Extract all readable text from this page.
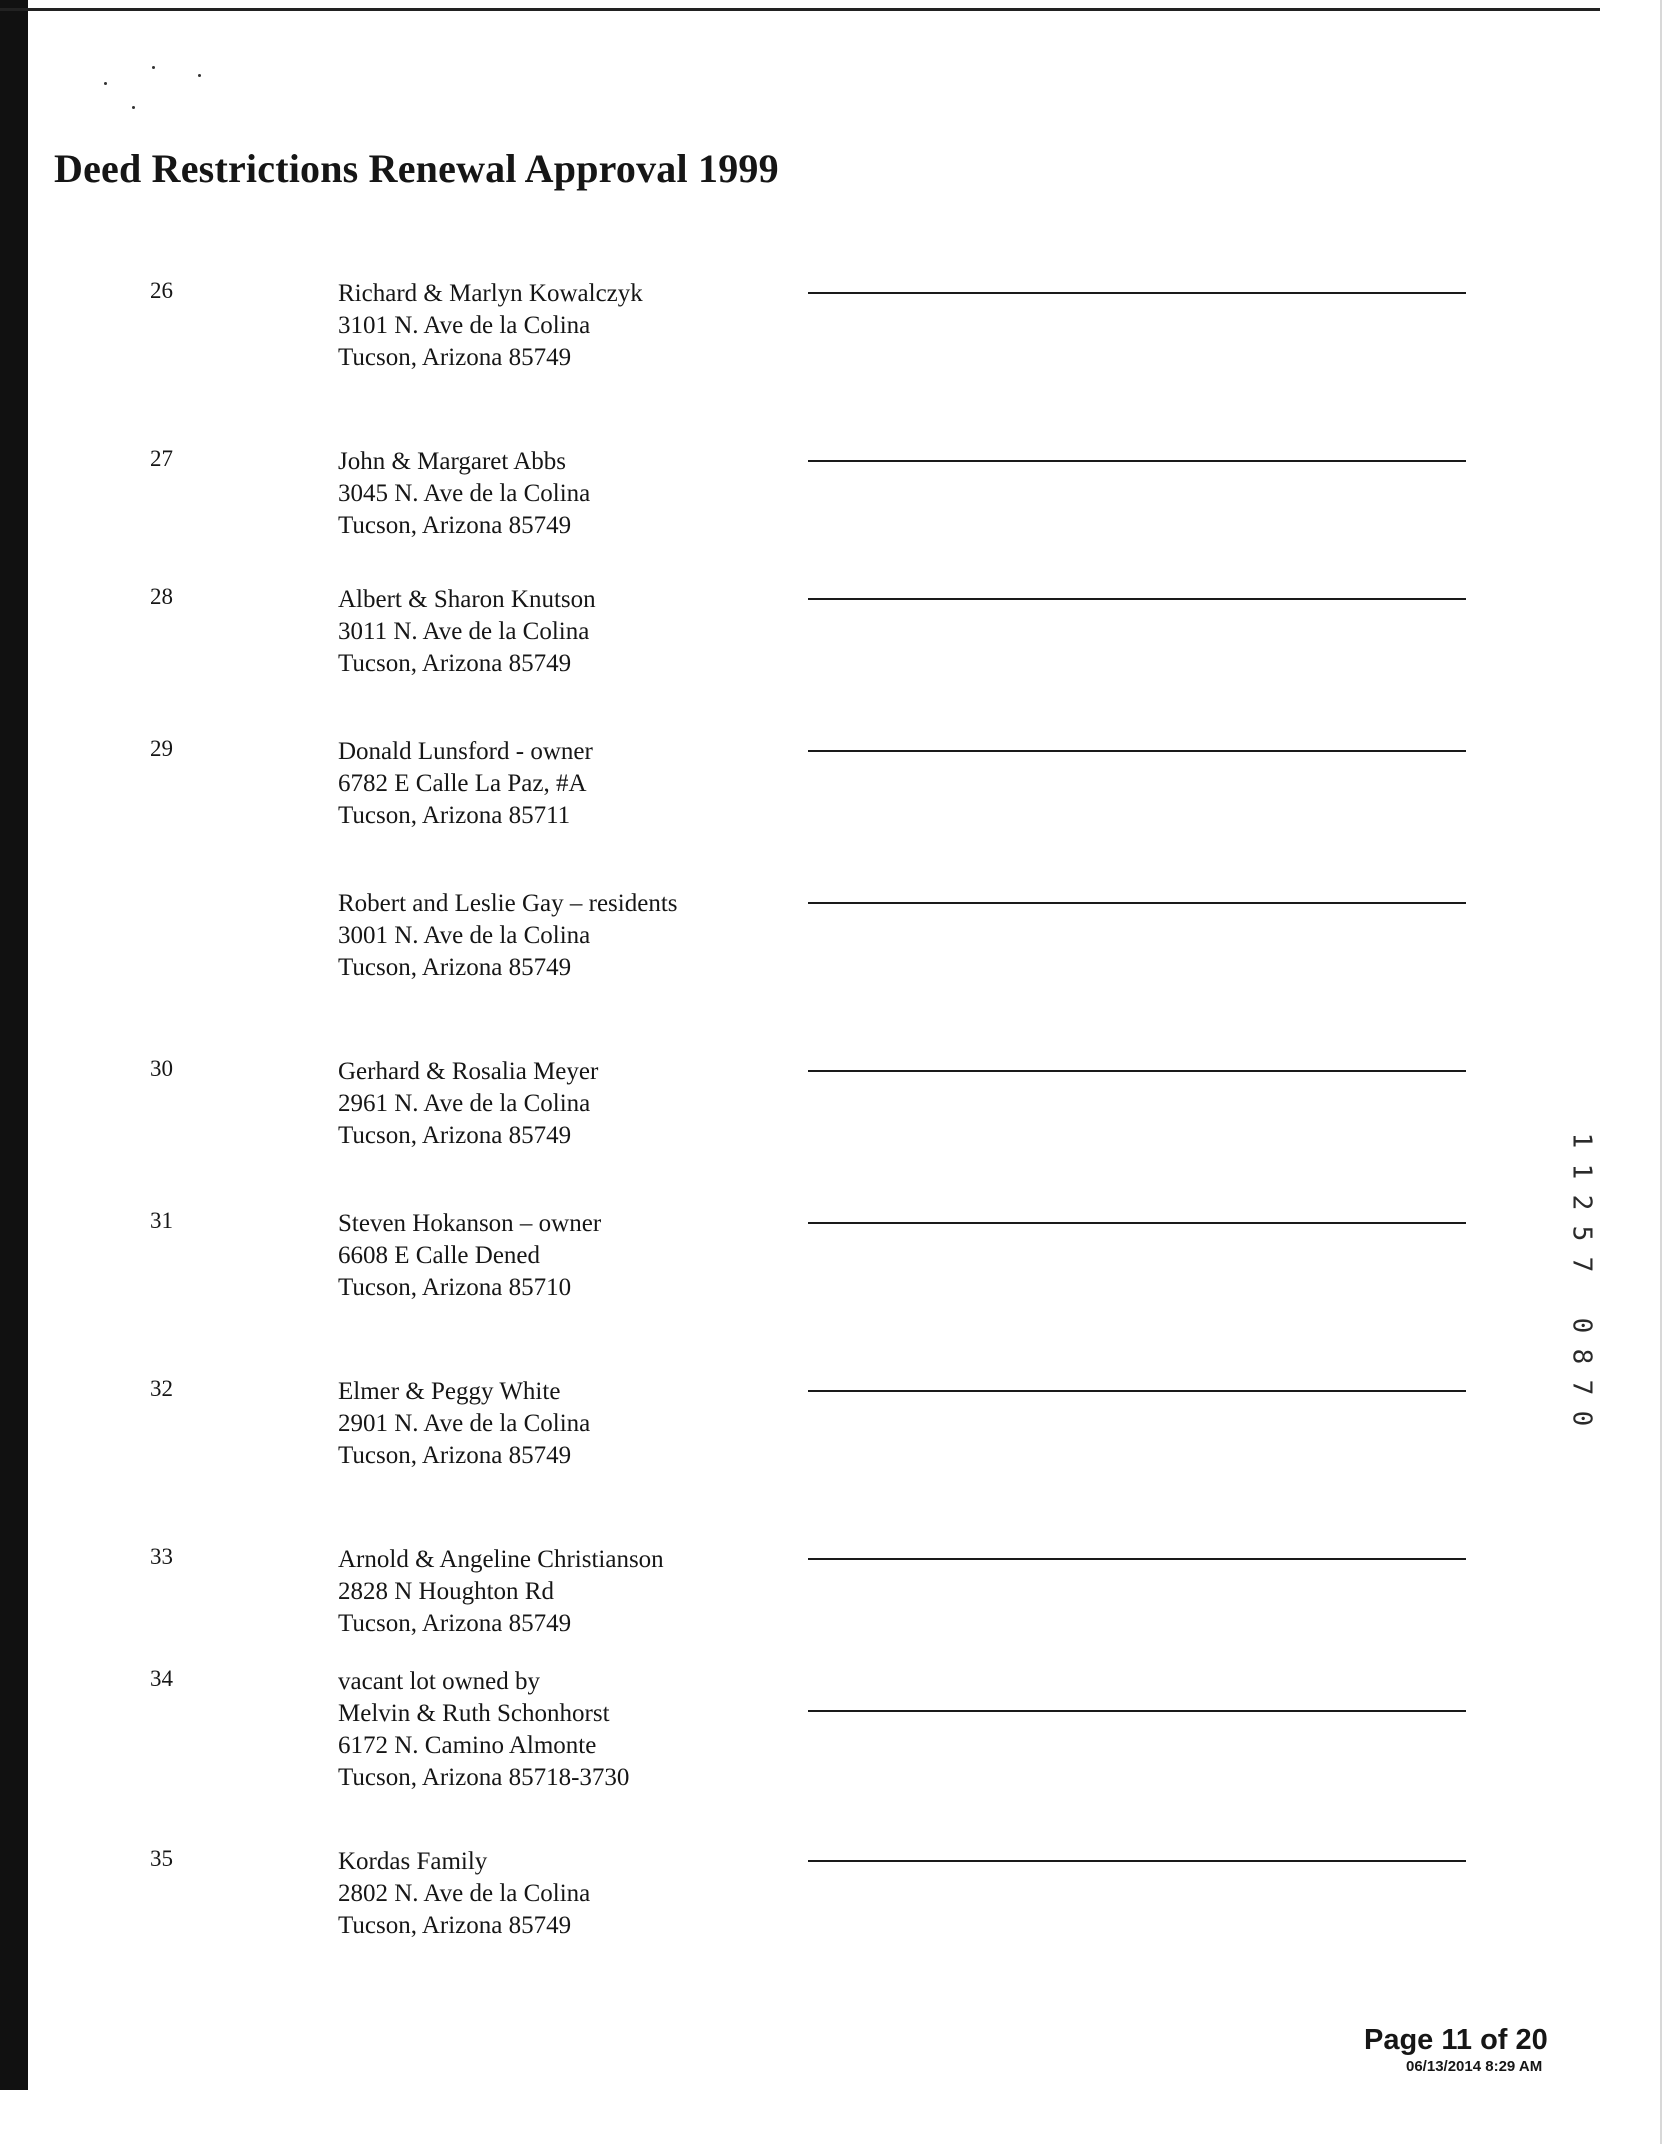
Deed Restrictions Renewal Approval 1999
26	Richard & Marlyn Kowalczyk
3101 N. Ave de la Colina
Tucson, Arizona 85749
27	John & Margaret Abbs
3045 N. Ave de la Colina
Tucson, Arizona 85749
28	Albert & Sharon Knutson
3011 N. Ave de la Colina
Tucson, Arizona 85749
29	Donald Lunsford - owner
6782 E Calle La Paz, #A
Tucson, Arizona 85711
Robert and Leslie Gay – residents
3001 N. Ave de la Colina
Tucson, Arizona 85749
30	Gerhard & Rosalia Meyer
2961 N. Ave de la Colina
Tucson, Arizona 85749
31	Steven Hokanson – owner
6608 E Calle Dened
Tucson, Arizona 85710
32	Elmer & Peggy White
2901 N. Ave de la Colina
Tucson, Arizona 85749
33	Arnold & Angeline Christianson
2828 N Houghton Rd
Tucson, Arizona 85749
34	vacant lot owned by
Melvin & Ruth Schonhorst
6172 N. Camino Almonte
Tucson, Arizona 85718-3730
35	Kordas Family
2802 N. Ave de la Colina
Tucson, Arizona 85749
1
1
2
5
7
0
8
7
0
Page 11 of 20
06/13/2014 8:29 AM
